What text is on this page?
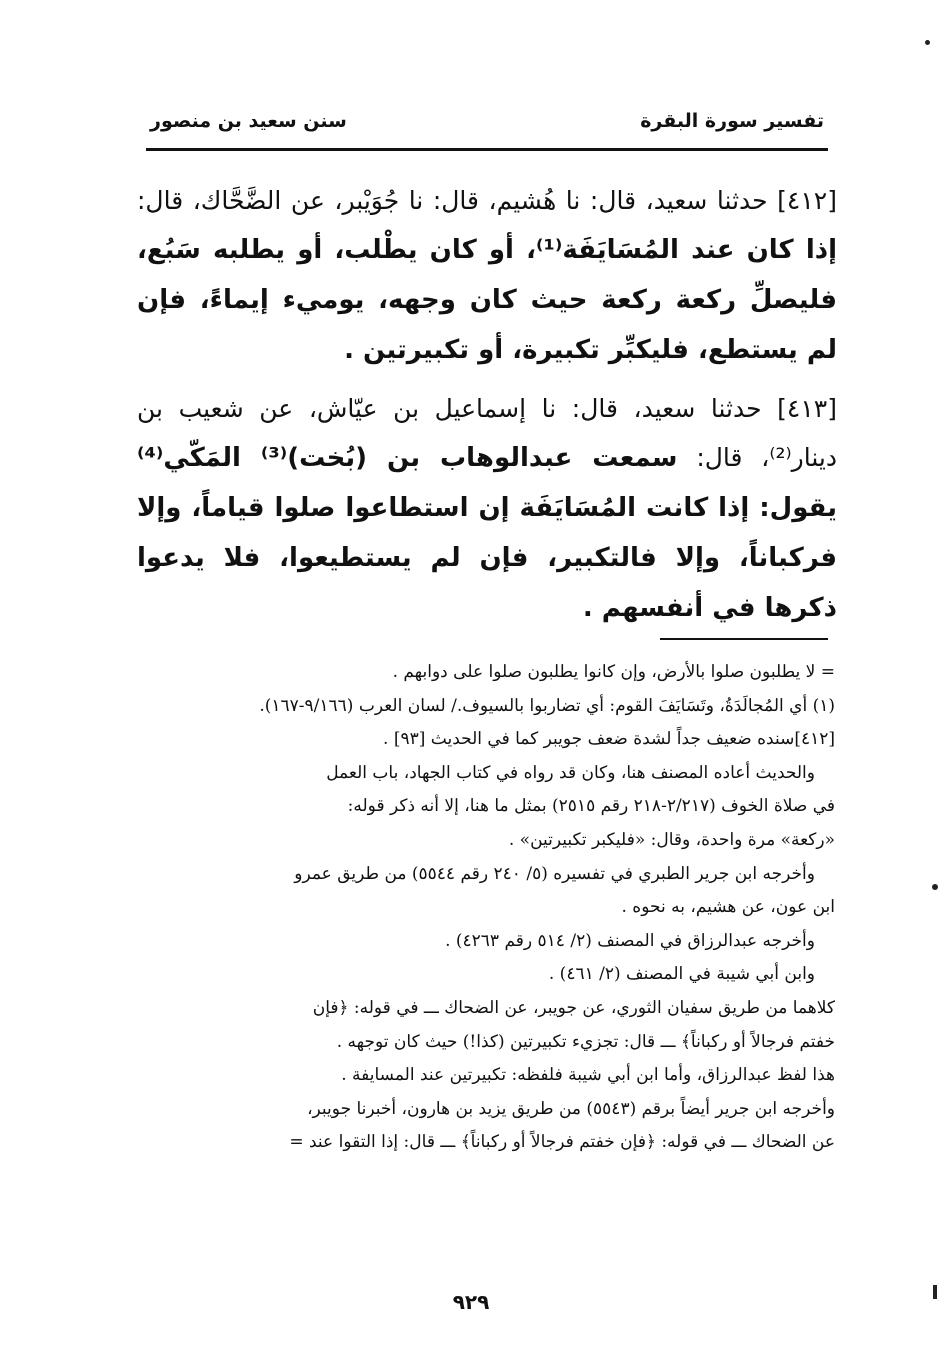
تفسير سورة البقرة
سنن سعيد بن منصور
[٤١٢] حدثنا سعيد، قال: نا هُشيم، قال: نا جُوَيْبر، عن الضَّحَّاك، قال: إذا كان عند المُسَايَفَة⁽¹⁾، أو كان يطْلب، أو يطلبه سَبُع، فليصلِّ ركعة ركعة حيث كان وجهه، يوميء إيماءً، فإن لم يستطع، فليكبِّر تكبيرة، أو تكبيرتين .
[٤١٣] حدثنا سعيد، قال: نا إسماعيل بن عيّاش، عن شعيب بن دينار⁽²⁾، قال: سمعت عبدالوهاب بن (بُخت)⁽³⁾ المَكّي⁽⁴⁾ يقول: إذا كانت المُسَايَفَة إن استطاعوا صلوا قياماً، وإلا فركباناً، وإلا فالتكبير، فإن لم يستطيعوا، فلا يدعوا ذكرها في أنفسهم .
= لا يطلبون صلوا بالأرض، وإن كانوا يطلبون صلوا على دوابهم .
(١) أي المُجالَدَةُ، وتَسَايَفَ القوم: أي تضاربوا بالسيوف./ لسان العرب (٩/١٦٦-١٦٧).
[٤١٢]سنده ضعيف جداً لشدة ضعف جويبر كما في الحديث [٩٣] .
والحديث أعاده المصنف هنا، وكان قد رواه في كتاب الجهاد، باب العمل
في صلاة الخوف (٢/٢١٧-٢١٨ رقم ٢٥١٥) بمثل ما هنا، إلا أنه ذكر قوله:
«ركعة» مرة واحدة، وقال: «فليكبر تكبيرتين» .
وأخرجه ابن جرير الطبري في تفسيره (٥/ ٢٤٠ رقم ٥٥٤٤) من طريق عمرو
ابن عون، عن هشيم، به نحوه .
وأخرجه عبدالرزاق في المصنف (٢/ ٥١٤ رقم ٤٢٦٣) .
وابن أبي شيبة في المصنف (٢/ ٤٦١) .
كلاهما من طريق سفيان الثوري، عن جويبر، عن الضحاك ـــ في قوله: ﴿فإن
خفتم فرجالاً أو ركباناً﴾ ـــ قال: تجزيء تكبيرتين (كذا!) حيث كان توجهه .
هذا لفظ عبدالرزاق، وأما ابن أبي شيبة فلفظه: تكبيرتين عند المسايفة .
وأخرجه ابن جرير أيضاً برقم (٥٥٤٣) من طريق يزيد بن هارون، أخبرنا جويبر،
عن الضحاك ـــ في قوله: ﴿فإن خفتم فرجالاً أو ركباناً﴾ ـــ قال: إذا التقوا عند =
٩٢٩
